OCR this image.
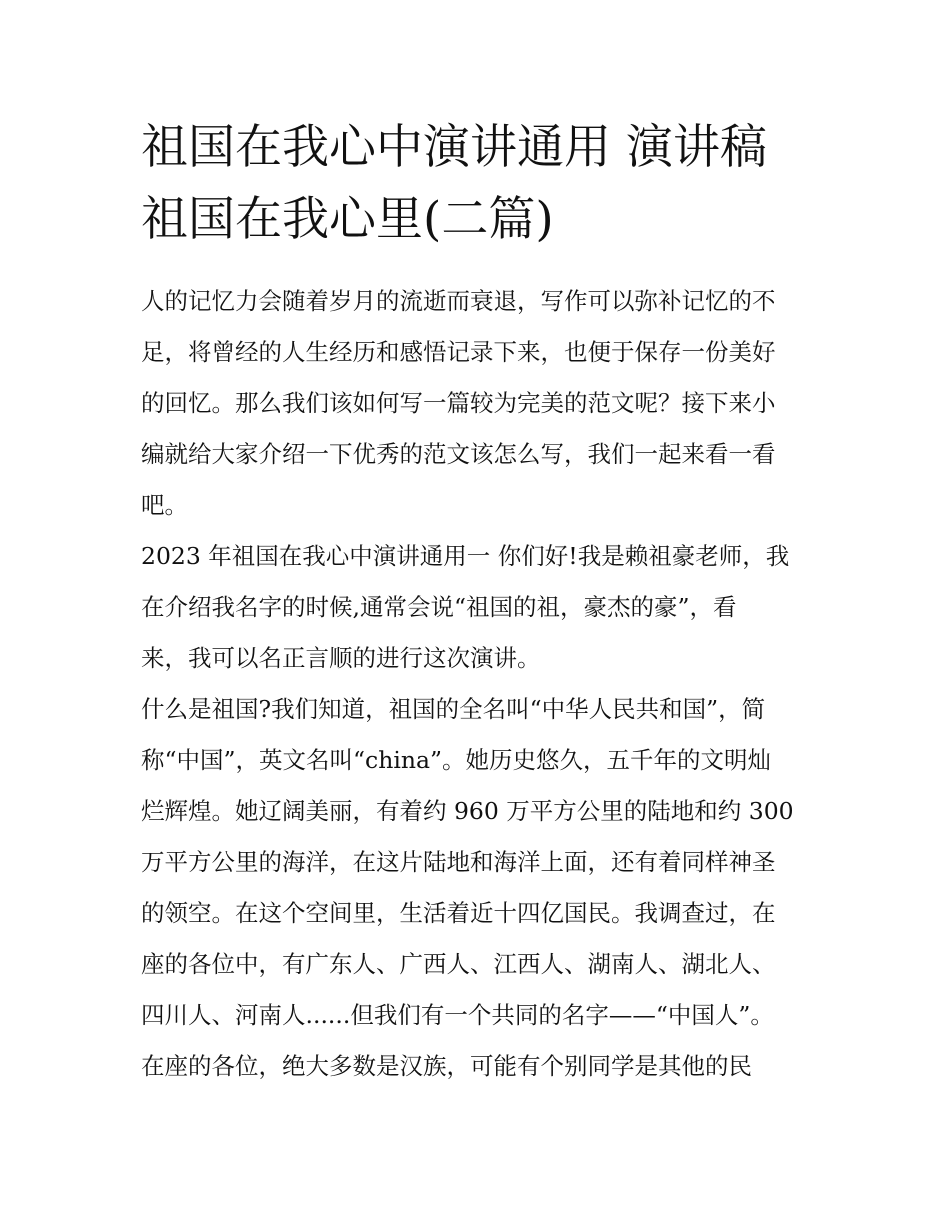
祖国在我心中演讲通用 演讲稿
祖国在我心里(二篇)
人的记忆力会随着岁月的流逝而衰退，写作可以弥补记忆的不
足，将曾经的人生经历和感悟记录下来，也便于保存一份美好
的回忆。那么我们该如何写一篇较为完美的范文呢？接下来小
编就给大家介绍一下优秀的范文该怎么写，我们一起来看一看
吧。
2023 年祖国在我心中演讲通用一 你们好!我是赖祖豪老师，我
在介绍我名字的时候,通常会说“祖国的祖，豪杰的豪”，看
来，我可以名正言顺的进行这次演讲。
什么是祖国?我们知道，祖国的全名叫“中华人民共和国”，简
称“中国”，英文名叫“china”。她历史悠久，五千年的文明灿
烂辉煌。她辽阔美丽，有着约 960 万平方公里的陆地和约 300
万平方公里的海洋，在这片陆地和海洋上面，还有着同样神圣
的领空。在这个空间里，生活着近十四亿国民。我调查过，在
座的各位中，有广东人、广西人、江西人、湖南人、湖北人、
四川人、河南人......但我们有一个共同的名字——“中国人”。
在座的各位，绝大多数是汉族，可能有个别同学是其他的民
